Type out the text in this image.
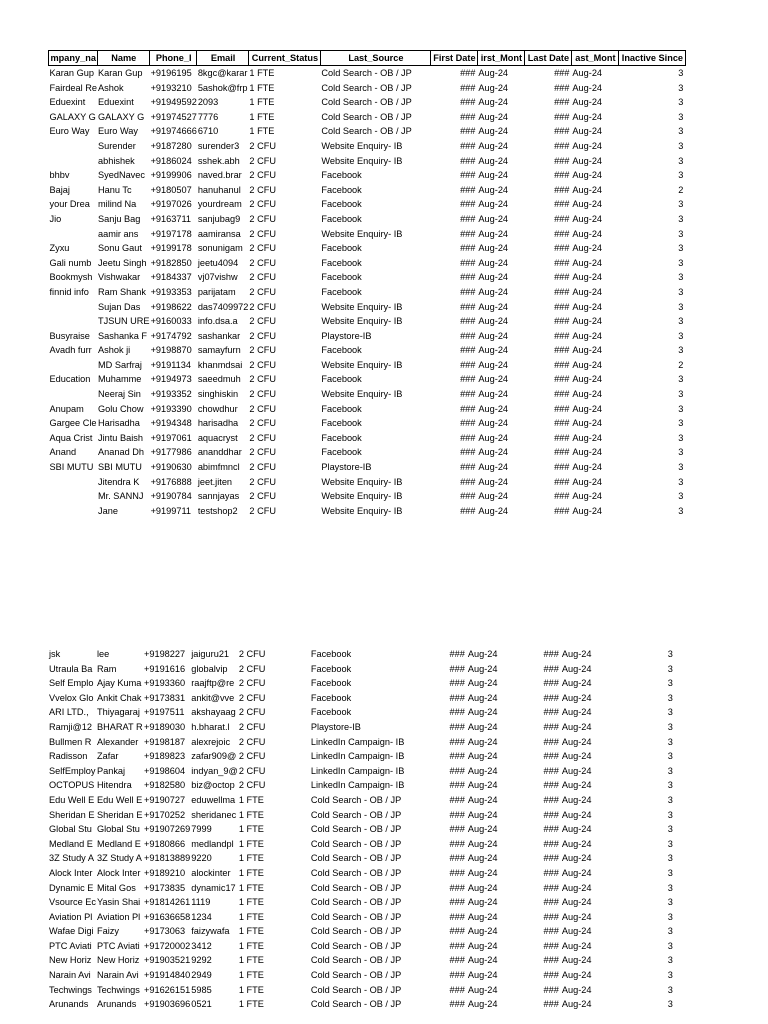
mpany_na	Name	Phone_I	Email	Current_Status	Last_Source	First Date	irst_Mont	Last Date	ast_Mont	Inactive Since
Karan Gup	Karan Gup	+9196195	8kgc@karar	1 FTE	Cold Search - OB / JP	###	Aug-24	###	Aug-24	3
Fairdeal Re	Ashok	+9193210	5ashok@frp	1 FTE	Cold Search - OB / JP	###	Aug-24	###	Aug-24	3
Eduexint	Eduexint	+91949592	2093	1 FTE	Cold Search - OB / JP	###	Aug-24	###	Aug-24	3
GALAXY G	GALAXY G	+91974527	7776	1 FTE	Cold Search - OB / JP	###	Aug-24	###	Aug-24	3
Euro Way	Euro Way	+91974666	6710	1 FTE	Cold Search - OB / JP	###	Aug-24	###	Aug-24	3
	Surender	+9187280	surender3	2 CFU	Website Enquiry- IB	###	Aug-24	###	Aug-24	3
	abhishek	+9186024	sshek.abh	2 CFU	Website Enquiry- IB	###	Aug-24	###	Aug-24	3
bhbv	SyedNavec	+9199906	naved.brar	2 CFU	Facebook	###	Aug-24	###	Aug-24	3
Bajaj	Hanu Tc	+9180507	hanuhanul	2 CFU	Facebook	###	Aug-24	###	Aug-24	2
your Drea	milind Na	+9197026	yourdream	2 CFU	Facebook	###	Aug-24	###	Aug-24	3
Jio	Sanju Bag	+9163711	sanjubag9	2 CFU	Facebook	###	Aug-24	###	Aug-24	3
	aamir ans	+9197178	aamiransa	2 CFU	Website Enquiry- IB	###	Aug-24	###	Aug-24	3
Zyxu	Sonu Gaut	+9199178	sonunigam	2 CFU	Facebook	###	Aug-24	###	Aug-24	3
Gali numb	Jeetu Singh	+9182850	jeetu4094	2 CFU	Facebook	###	Aug-24	###	Aug-24	3
Bookmysh	Vishwakar	+9184337	vj07vishw	2 CFU	Facebook	###	Aug-24	###	Aug-24	3
finnid info	Ram Shank	+9193353	parijatam	2 CFU	Facebook	###	Aug-24	###	Aug-24	3
	Sujan Das	+9198622	das7409972	2 CFU	Website Enquiry- IB	###	Aug-24	###	Aug-24	3
	TJSUN URE	+9160033	info.dsa.a	2 CFU	Website Enquiry- IB	###	Aug-24	###	Aug-24	3
Busyraise	Sashanka F	+9174792	sashankar	2 CFU	Playstore-IB	###	Aug-24	###	Aug-24	3
Avadh furr	Ashok ji	+9198870	samayfurn	2 CFU	Facebook	###	Aug-24	###	Aug-24	3
	MD Sarfraj	+9191134	khanmdsai	2 CFU	Website Enquiry- IB	###	Aug-24	###	Aug-24	2
Education	Muhamme	+9194973	saeedmuh	2 CFU	Facebook	###	Aug-24	###	Aug-24	3
	Neeraj Sin	+9193352	singhiskin	2 CFU	Website Enquiry- IB	###	Aug-24	###	Aug-24	3
Anupam	Golu Chow	+9193390	chowdhur	2 CFU	Facebook	###	Aug-24	###	Aug-24	3
Gargee Cle	Harisadha	+9194348	harisadha	2 CFU	Facebook	###	Aug-24	###	Aug-24	3
Aqua Crist	Jintu Baish	+9197061	aquacryst	2 CFU	Facebook	###	Aug-24	###	Aug-24	3
Anand	Ananad Dh	+9177986	ananddhar	2 CFU	Facebook	###	Aug-24	###	Aug-24	3
SBI MUTU	SBI MUTU	+9190630	abimfmncl	2 CFU	Playstore-IB	###	Aug-24	###	Aug-24	3
	Jitendra K	+9176888	jeet.jiten	2 CFU	Website Enquiry- IB	###	Aug-24	###	Aug-24	3
	Mr. SANNJ	+9190784	sannjayas	2 CFU	Website Enquiry- IB	###	Aug-24	###	Aug-24	3
	Jane	+9199711	testshop2	2 CFU	Website Enquiry- IB	###	Aug-24	###	Aug-24	3
jsk	lee	+9198227	jaiguru21	2 CFU	Facebook	###	Aug-24	###	Aug-24	3
Utraula Ba	Ram	+9191616	globalvip	2 CFU	Facebook	###	Aug-24	###	Aug-24	3
Self Emplo	Ajay Kuma	+9193360	raajftp@re	2 CFU	Facebook	###	Aug-24	###	Aug-24	3
Vvelox Glo	Ankit Chak	+9173831	ankit@vve	2 CFU	Facebook	###	Aug-24	###	Aug-24	3
ARI LTD.,	Thiyagaraj	+9197511	akshayaag	2 CFU	Facebook	###	Aug-24	###	Aug-24	3
Ramji@12	BHARAT R	+9189030	h.bharat.l	2 CFU	Playstore-IB	###	Aug-24	###	Aug-24	3
Bullmen R	Alexander	+9198187	alexrejoic	2 CFU	LinkedIn Campaign- IB	###	Aug-24	###	Aug-24	3
Radisson	Zafar	+9189823	zafar909@	2 CFU	LinkedIn Campaign- IB	###	Aug-24	###	Aug-24	3
SelfEmploy	Pankaj	+9198604	indyan_9@	2 CFU	LinkedIn Campaign- IB	###	Aug-24	###	Aug-24	3
OCTOPUS	Hitendra	+9182580	biz@octop	2 CFU	LinkedIn Campaign- IB	###	Aug-24	###	Aug-24	3
Edu Well E	Edu Well E	+9190727	eduwellma	1 FTE	Cold Search - OB / JP	###	Aug-24	###	Aug-24	3
Sheridan E	Sheridan E	+9170252	sheridanec	1 FTE	Cold Search - OB / JP	###	Aug-24	###	Aug-24	3
Global Stu	Global Stu	+91907269	7999	1 FTE	Cold Search - OB / JP	###	Aug-24	###	Aug-24	3
Medland E	Medland E	+9180866	medlandpl	1 FTE	Cold Search - OB / JP	###	Aug-24	###	Aug-24	3
3Z Study A	3Z Study A	+91813889	9220	1 FTE	Cold Search - OB / JP	###	Aug-24	###	Aug-24	3
Alock Inter	Alock Inter	+9189210	alockinter	1 FTE	Cold Search - OB / JP	###	Aug-24	###	Aug-24	3
Dynamic E	Mital Gos	+9173835	dynamic17	1 FTE	Cold Search - OB / JP	###	Aug-24	###	Aug-24	3
Vsource Ec	Yasin Shai	+91814261	1119	1 FTE	Cold Search - OB / JP	###	Aug-24	###	Aug-24	3
Aviation Pl	Aviation Pl	+91636658	1234	1 FTE	Cold Search - OB / JP	###	Aug-24	###	Aug-24	3
Wafae Digi	Faizy	+9173063	faizywafa	1 FTE	Cold Search - OB / JP	###	Aug-24	###	Aug-24	3
PTC Aviati	PTC Aviati	+91720002	3412	1 FTE	Cold Search - OB / JP	###	Aug-24	###	Aug-24	3
New Horiz	New Horiz	+91903521	9292	1 FTE	Cold Search - OB / JP	###	Aug-24	###	Aug-24	3
Narain Avi	Narain Avi	+91914840	2949	1 FTE	Cold Search - OB / JP	###	Aug-24	###	Aug-24	3
Techwings	Techwings	+91626151	5985	1 FTE	Cold Search - OB / JP	###	Aug-24	###	Aug-24	3
Arunands	Arunands	+91903696	0521	1 FTE	Cold Search - OB / JP	###	Aug-24	###	Aug-24	3
